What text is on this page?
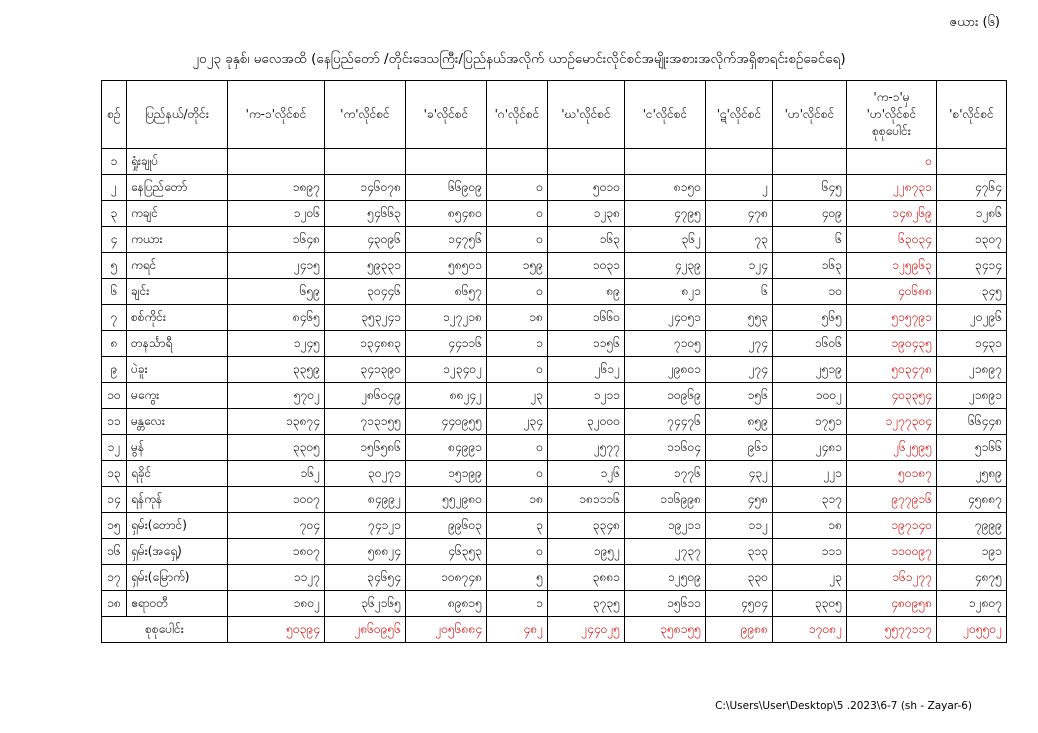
ဇယား (၆)
၂၀၂၃ ခုနှစ်၊ မလေအထိ (နေပြည်တော် /တိုင်းဒေသကြီး/ပြည်နယ်အလိုက် ယာဉ်မောင်းလိုင်စင်အမျိုးအစားအလိုက်အရှိစာရင်းစဥ်ခေင်ရေ)
စဉ်	ပြည်နယ်/တိုင်း	'က-၁'လိုင်စင်	'က'လိုင်စင်	'ခ'လိုင်စင်	'ဂ'လိုင်စင်	'ဃ'လိုင်စင်	'င'လိုင်စင်	'ဋ'လိုင်စင်	'ဟ'လိုင်စင်	'က-၁'မှ 'ဟ'လိုင်စင် စုစုပေါင်း	'စ'လိုင်စင်
၁	ရှုံးချုပ်									၀	
၂	နေပြည်တော်	၁၈၉၇	၁၄၆၀၇၈	၆၆၉၀၉	၀	၅၀၁၀	၈၁၅၀	၂	၆၄၅	၂၂၈၇၃၁	၄၇၆၄
၃	ကချင်	၁၂၀၆	၅၄၆၆၃	၈၅၄၈၀	၀	၁၂၃၈	၄၇၉၅	၄၇၈	၄၀၉	၁၄၈၂၆၉	၁၂၈၆
၄	ကယား	၁၆၄၈	၄၃၀၉၆	၁၄၇၅၆	၀	၁၆၃	၃၆၂	၇၃	၆	၆၃၀၃၄	၁၃၀၇
၅	ကရင်	၂၄၁၅	၅၉၃၃၁	၅၈၅၀၁	၁၅၉	၁၀၃၁	၄၂၃၉	၁၂၄	၁၆၃	၁၂၅၉၆၃	၃၄၁၄
၆	ချင်း	၆၅၉	၃၀၄၄၆	၈၆၅၇	၀	၈၉	၈၂၁	၆	၁၀	၄၀၆၈၈	၃၄၅
၇	စစ်ကိုင်း	၈၄၆၅	၃၅၃၂၄၁	၁၂၇၂၁၈	၁၈	၁၆၆၀	၂၄၀၅၁	၅၅၃	၅၆၅	၅၁၅၇၉၁	၂၀၂၉၆
၈	တနင်္သာရီ	၁၂၄၅	၁၃၄၈၈၃	၄၄၁၁၆	၁	၁၁၅၆	၇၁၀၅	၂၇၄	၁၆၀၆	၁၉၀၄၃၅	၁၄၃၁
၉	ပဲခူး	၃၃၅၉	၃၄၁၃၉၀	၁၂၃၄၀၂	၀	၂၆၁၂	၂၉၈၀၁	၂၇၄	၂၅၁၉	၅၀၃၄၇၈	၂၁၈၉၇
၁၀	မကွေး	၅၇၀၂	၂၈၆၀၄၉	၈၈၂၄၂	၂၃	၁၂၁၁	၁၀၉၆၉	၁၅၆	၁၀၀၂	၄၀၃၃၅၄	၂၁၈၉၁
၁၁	မန္တလေး	၁၃၈၇၄	၇၁၃၁၅၅	၄၄၀၉၅၅	၂၃၄	၃၂၀၀၀	၇၄၄၇၆	၈၅၉	၁၇၅၁	၁၂၇၇၃၀၄	၆၆၄၄၈
၁၂	မွန်	၃၃၀၅	၁၅၆၅၈၆	၈၄၉၉၁	၀	၂၅၇၇	၁၁၆၀၄	၉၆၁	၂၄၈၁	၂၆၂၅၉၅	၅၁၆၆
၁၃	ရခိုင်	၁၆၂	၃၀၂၇၁	၁၅၁၉၉	၀	၁၂၆	၁၇၇၆	၄၃၂	၂၂၁	၅၀၁၈၇	၂၅၈၉
၁၄	ရန်ကုန်	၁၀၀၇	၈၄၉၉၂	၅၅၂၉၈၀	၁၈	၁၈၁၁၁၆	၁၁၆၉၉၈	၄၅၈	၃၁၇	၉၇၇၉၁၆	၄၅၈၈၇
၁၅	ရှမ်း(တောင်)	၇၀၄	၇၄၁၂၁	၉၉၆၀၃	၃	၃၃၄၈	၁၉၂၁၁	၁၁၂	၁၈	၁၉၇၁၄၀	၇၉၉၉
၁၆	ရှမ်း(အရှေ့)	၁၈၀၇	၅၈၈၂၄	၄၆၃၅၃	၀	၁၉၅၂	၂၇၃၇	၃၁၃	၁၁၁	၁၁၀၀၉၇	၁၉၁
၁၇	ရှမ်း(မြောက်)	၁၁၂၇	၃၄၆၅၄	၁၀၈၇၄၈	၅	၃၈၈၁	၁၂၅၀၉	၃၃၀	၂၃	၁၆၁၂၇၇	၄၈၇၅
၁၈	ဧရာဝတီ	၁၈၀၂	၃၆၂၁၆၅	၈၉၈၁၅	၁	၃၇၃၅	၁၅၆၁၁	၄၅၀၄	၃၃၀၅	၄၈၀၉၅၈	၁၂၈၀၇
စုစုပေါင်း		၅၀၃၉၄	၂၈၆၀၉၅၆	၂၀၅၆၈၈၄	၄၈၂	၂၄၄၀၂၅	၃၅၈၁၅၅	၉၉၈၈	၁၇၀၈၂	၅၅၇၇၁၁၇	၂၀၅၅၀၂
C:\Users\User\Desktop\5 .2023\6-7 (sh - Zayar-6)
